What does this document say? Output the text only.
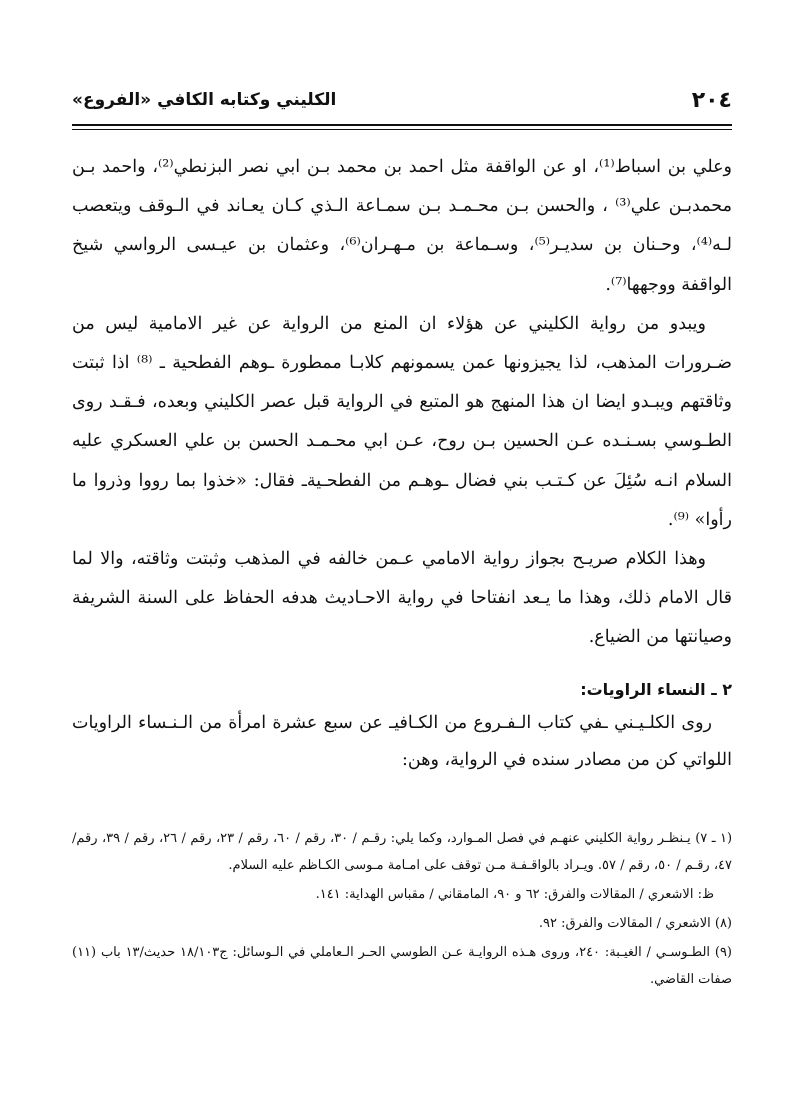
٢٠٤
الكليني وكتابه الكافي «الفروع»

وعلي بن اسباط⁽¹⁾، او عن الواقفة مثل احمد بن محمد بـن ابي نصر البزنطي⁽²⁾، واحمد بـن محمدبـن علي⁽³⁾ ، والحسن بـن محـمـد بـن سمـاعة الـذي كـان يعـاند في الـوقف ويتعصب لـه⁽⁴⁾، وحـنان بن سديـر⁽⁵⁾، وسـماعة بن مـهـران⁽⁶⁾، وعثمان بن عيـسى الرواسي شيخ الواقفة ووجهها⁽⁷⁾.

ويبدو من رواية الكليني عن هؤلاء ان المنع من الرواية عن غير الامامية ليس من ضـرورات المذهب، لذا يجيزونها عمن يسمونهم كلابـا ممطورة ـوهم الفطحية ـ ⁽⁸⁾ اذا ثبتت وثاقتهم ويبـدو ايضا ان هذا المنهج هو المتبع في الرواية قبل عصر الكليني وبعده، فـقـد روى الطـوسي بسـنـده عـن الحسين بـن روح، عـن ابي محـمـد الحسن بن علي العسكري عليه السلام انـه سُئِلَ عن كـتـب بني فضال ـوهـم من الفطحـيةـ فقال: «خذوا بما رووا وذروا ما رأوا» ⁽⁹⁾.

وهذا الكلام صريـح بجواز رواية الامامي عـمن خالفه في المذهب وثبتت وثاقته، والا لما قال الامام ذلك، وهذا ما يـعد انفتاحا في رواية الاحـاديث هدفه الحفاظ على السنة الشريفة وصيانتها من الضياع.

٢ ـ النساء الراويات:

روى الكلـيـني ـفي كتاب الـفـروع من الكـافيـ عن سبع عشرة امرأة من الـنـساء الراويات اللواتي كن من مصادر سنده في الرواية، وهن:

(١ ـ ٧) يـنظـر رواية الكليني عنهـم في فصل المـوارد، وكما يلي: رقـم / ٣٠، رقم / ٦٠، رقم / ٢٣، رقم / ٢٦، رقم / ٣٩، رقم/٤٧، رقـم / ٥٠، رقم / ٥٧. ويـراد بالواقـفـة مـن توقف على امـامة مـوسى الكـاظم عليه السلام.

ظ: الاشعري / المقالات والفرق: ٦٢ و ٩٠، المامقاني / مقباس الهداية: ١٤١.

(٨) الاشعري / المقالات والفرق: ٩٢.

(٩) الطـوسـي / الغيـبة: ٢٤٠، وروى هـذه الروايـة عـن الطوسي الحـر الـعاملي في الـوسائل: ج١٨/١٠٣ حديث/١٣ باب (١١) صفات القاضي.
